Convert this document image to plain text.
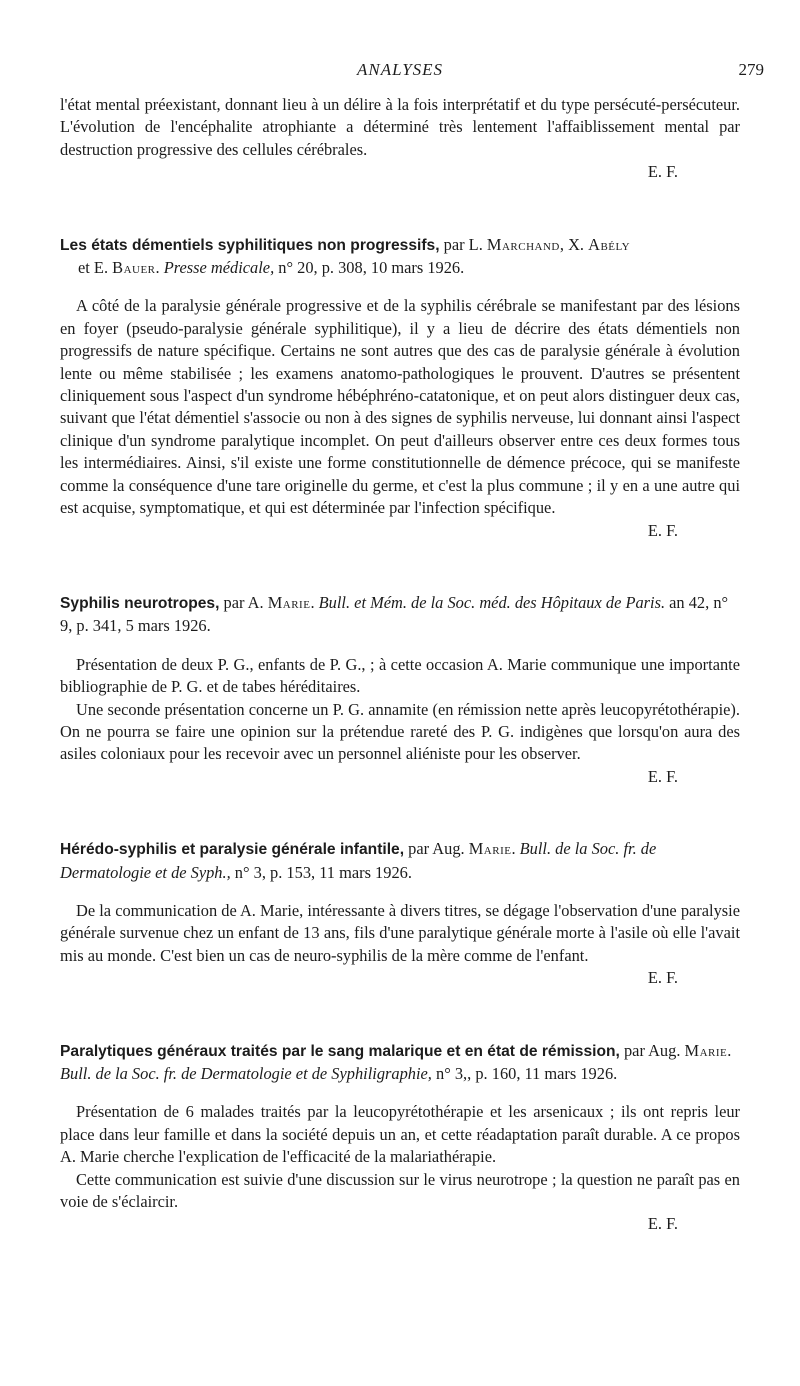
ANALYSES	279

l'état mental préexistant, donnant lieu à un délire à la fois interprétatif et du type persécuté-persécuteur. L'évolution de l'encéphalite atrophiante a déterminé très lentement l'affaiblissement mental par destruction progressive des cellules cérébrales.

E. F.

Les états démentiels syphilitiques non progressifs, par L. Marchand, X. Abély
et E. Bauer. Presse médicale, n° 20, p. 308, 10 mars 1926.

A côté de la paralysie générale progressive et de la syphilis cérébrale se manifestant par des lésions en foyer (pseudo-paralysie générale syphilitique), il y a lieu de décrire des états démentiels non progressifs de nature spécifique. Certains ne sont autres que des cas de paralysie générale à évolution lente ou même stabilisée ; les examens anatomo-pathologiques le prouvent. D'autres se présentent cliniquement sous l'aspect d'un syndrome hébéphréno-catatonique, et on peut alors distinguer deux cas, suivant que l'état démentiel s'associe ou non à des signes de syphilis nerveuse, lui donnant ainsi l'aspect clinique d'un syndrome paralytique incomplet. On peut d'ailleurs observer entre ces deux formes tous les intermédiaires. Ainsi, s'il existe une forme constitutionnelle de démence précoce, qui se manifeste comme la conséquence d'une tare originelle du germe, et c'est la plus commune ; il y en a une autre qui est acquise, symptomatique, et qui est déterminée par l'infection spécifique.

E. F.

Syphilis neurotropes, par A. Marie. Bull. et Mém. de la Soc. méd. des Hôpitaux de Paris. an 42, n° 9, p. 341, 5 mars 1926.

Présentation de deux P. G., enfants de P. G., ; à cette occasion A. Marie communique une importante bibliographie de P. G. et de tabes héréditaires.

Une seconde présentation concerne un P. G. annamite (en rémission nette après leucopyrétothérapie). On ne pourra se faire une opinion sur la prétendue rareté des P. G. indigènes que lorsqu'on aura des asiles coloniaux pour les recevoir avec un personnel aliéniste pour les observer.

E. F.

Hérédo-syphilis et paralysie générale infantile, par Aug. Marie. Bull. de la Soc. fr. de Dermatologie et de Syph., n° 3, p. 153, 11 mars 1926.

De la communication de A. Marie, intéressante à divers titres, se dégage l'observation d'une paralysie générale survenue chez un enfant de 13 ans, fils d'une paralytique générale morte à l'asile où elle l'avait mis au monde. C'est bien un cas de neuro-syphilis de la mère comme de l'enfant.

E. F.

Paralytiques généraux traités par le sang malarique et en état de rémission, par Aug. Marie. Bull. de la Soc. fr. de Dermatologie et de Syphiligraphie, n° 3,, p. 160, 11 mars 1926.

Présentation de 6 malades traités par la leucopyrétothérapie et les arsenicaux ; ils ont repris leur place dans leur famille et dans la société depuis un an, et cette réadaptation paraît durable. A ce propos A. Marie cherche l'explication de l'efficacité de la malariathérapie.

Cette communication est suivie d'une discussion sur le virus neurotrope ; la question ne paraît pas en voie de s'éclaircir.

E. F.
